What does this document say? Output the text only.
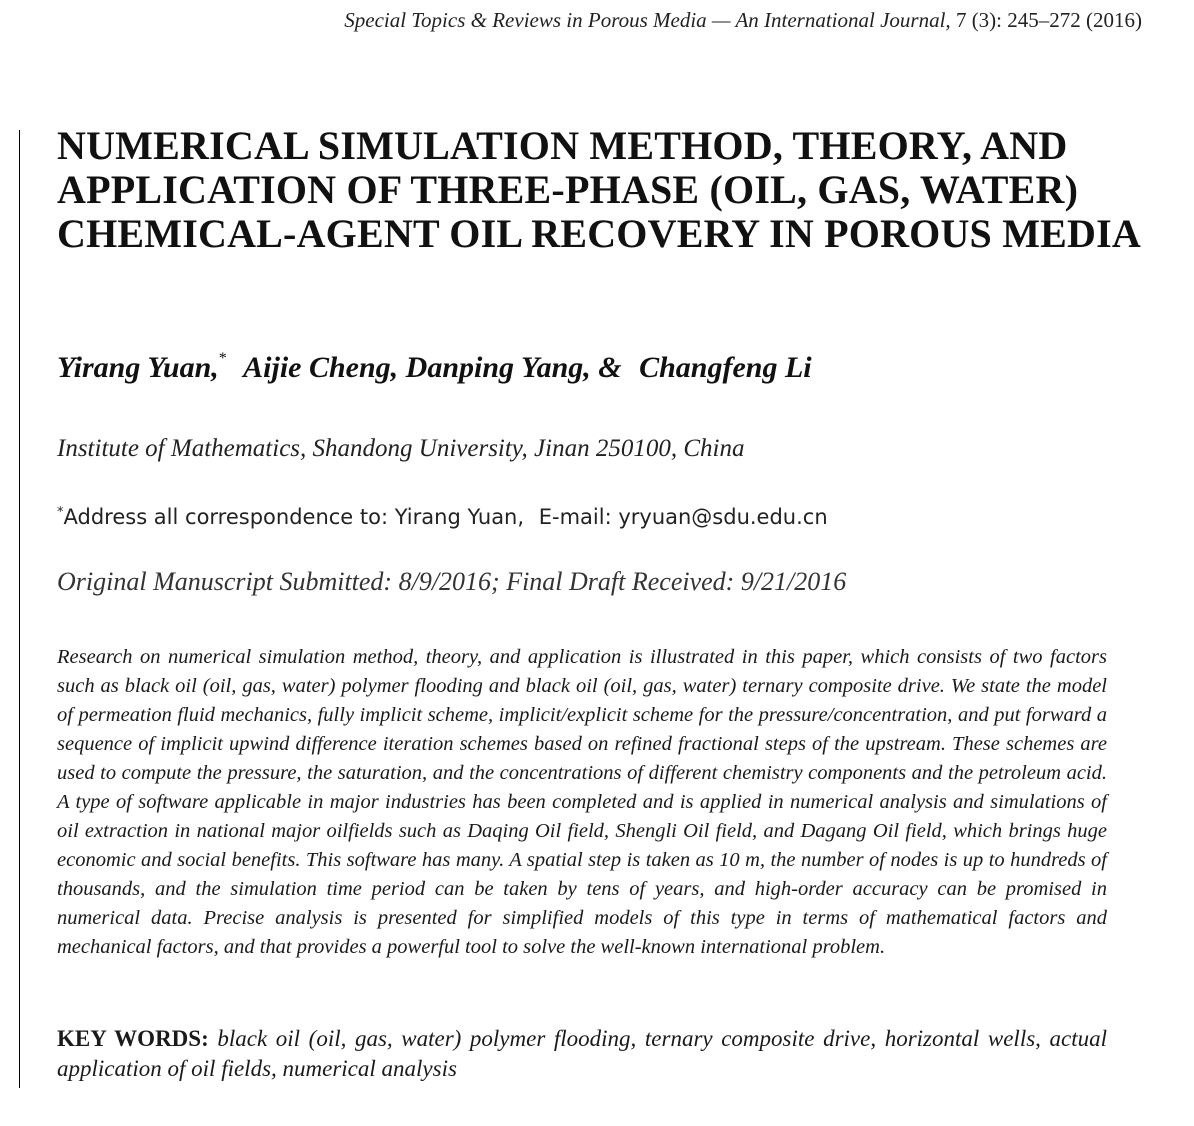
Special Topics & Reviews in Porous Media — An International Journal, 7 (3): 245–272 (2016)
NUMERICAL SIMULATION METHOD, THEORY, AND APPLICATION OF THREE-PHASE (OIL, GAS, WATER) CHEMICAL-AGENT OIL RECOVERY IN POROUS MEDIA

Yirang Yuan,* Aijie Cheng, Danping Yang, & Changfeng Li

Institute of Mathematics, Shandong University, Jinan 250100, China

*Address all correspondence to: Yirang Yuan, E-mail: yryuan@sdu.edu.cn

Original Manuscript Submitted: 8/9/2016; Final Draft Received: 9/21/2016

Research on numerical simulation method, theory, and application is illustrated in this paper, which consists of two factors such as black oil (oil, gas, water) polymer flooding and black oil (oil, gas, water) ternary composite drive. We state the model of permeation fluid mechanics, fully implicit scheme, implicit/explicit scheme for the pressure/concentration, and put forward a sequence of implicit upwind difference iteration schemes based on refined fractional steps of the upstream. These schemes are used to compute the pressure, the saturation, and the concentrations of different chemistry components and the petroleum acid. A type of software applicable in major industries has been completed and is applied in numerical analysis and simulations of oil extraction in national major oilfields such as Daqing Oil field, Shengli Oil field, and Dagang Oil field, which brings huge economic and social benefits. This software has many. A spatial step is taken as 10 m, the number of nodes is up to hundreds of thousands, and the simulation time period can be taken by tens of years, and high-order accuracy can be promised in numerical data. Precise analysis is presented for simplified models of this type in terms of mathematical factors and mechanical factors, and that provides a powerful tool to solve the well-known international problem.

KEY WORDS: black oil (oil, gas, water) polymer flooding, ternary composite drive, horizontal wells, actual application of oil fields, numerical analysis
